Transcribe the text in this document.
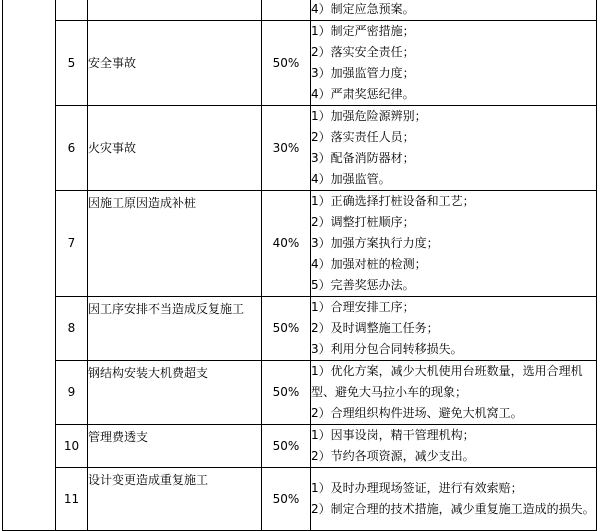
				4）制定应急预案。

	5	安全事故	50%	1）制定严密措施；
2）落实安全责任；
3）加强监管力度；
4）严肃奖惩纪律。

	6	火灾事故	30%	1）加强危险源辨别；
2）落实责任人员；
3）配备消防器材；
4）加强监管。

	7	因施工原因造成补桩	40%	1）正确选择打桩设备和工艺；
2）调整打桩顺序；
3）加强方案执行力度；
4）加强对桩的检测；
5）完善奖惩办法。

	8	因工序安排不当造成反复施工	50%	1）合理安排工序；
2）及时调整施工任务；
3）利用分包合同转移损失。

	9	钢结构安装大机费超支	50%	1）优化方案，减少大机使用台班数量，选用合理机型、避免大马拉小车的现象；
2）合理组织构件进场、避免大机窝工。

	10	管理费透支	50%	1）因事设岗，精干管理机构；
2）节约各项资源，减少支出。

	11	设计变更造成重复施工	50%	1）及时办理现场签证，进行有效索赔；
2）制定合理的技术措施，减少重复施工造成的损失。
